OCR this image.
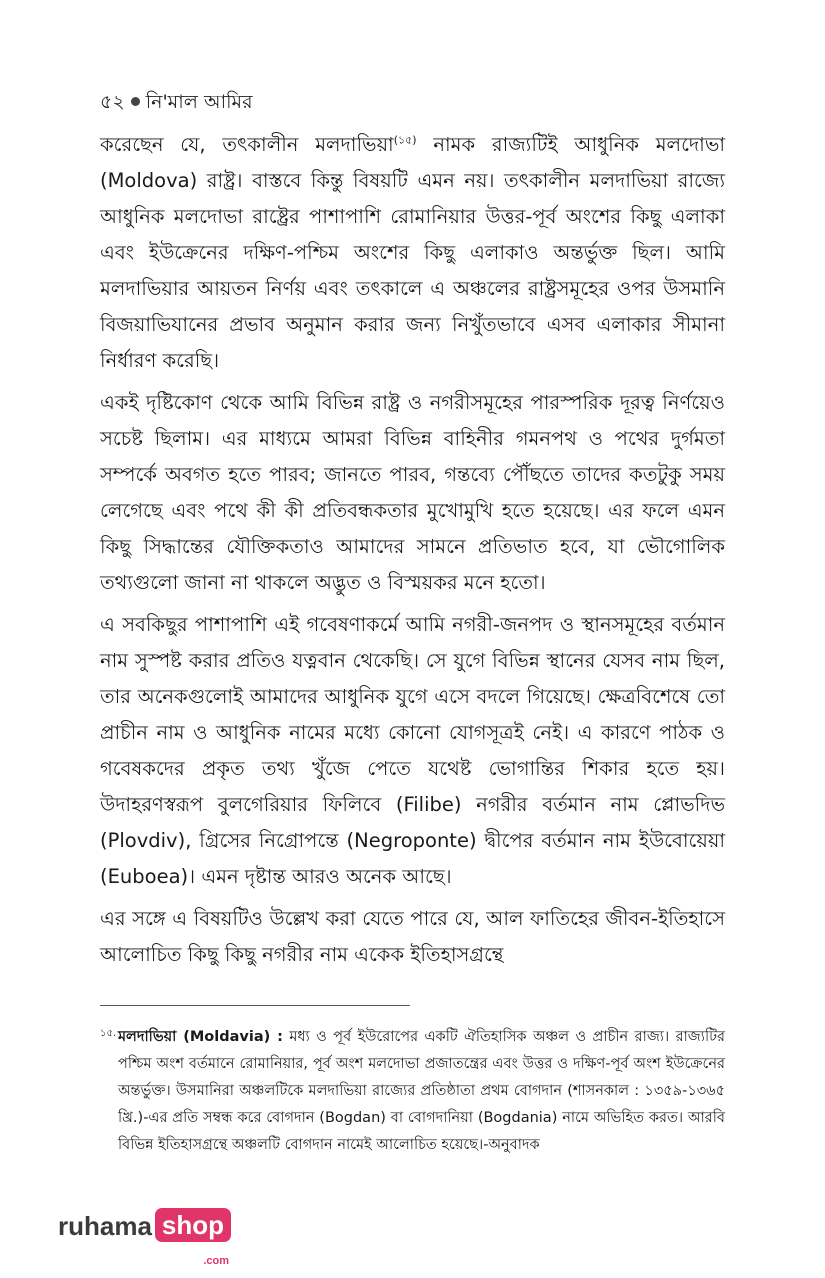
৫২ নি'মাল আমির

করেছেন যে, তৎকালীন মলদাভিয়া$^{(১৫)}$ নামক রাজ্যটিই আধুনিক মলদোভা (Moldova) রাষ্ট্র। বাস্তবে কিন্তু বিষয়টি এমন নয়। তৎকালীন মলদাভিয়া রাজ্যে আধুনিক মলদোভা রাষ্ট্রের পাশাপাশি রোমানিয়ার উত্তর-পূর্ব অংশের কিছু এলাকা এবং ইউক্রেনের দক্ষিণ-পশ্চিম অংশের কিছু এলাকাও অন্তর্ভুক্ত ছিল। আমি মলদাভিয়ার আয়তন নির্ণয় এবং তৎকালে এ অঞ্চলের রাষ্ট্রসমূহের ওপর উসমানি বিজয়াভিযানের প্রভাব অনুমান করার জন্য নিখুঁতভাবে এসব এলাকার সীমানা নির্ধারণ করেছি।

একই দৃষ্টিকোণ থেকে আমি বিভিন্ন রাষ্ট্র ও নগরীসমূহের পারস্পরিক দূরত্ব নির্ণয়েও সচেষ্ট ছিলাম। এর মাধ্যমে আমরা বিভিন্ন বাহিনীর গমনপথ ও পথের দুর্গমতা সম্পর্কে অবগত হতে পারব; জানতে পারব, গন্তব্যে পৌঁছতে তাদের কতটুকু সময় লেগেছে এবং পথে কী কী প্রতিবন্ধকতার মুখোমুখি হতে হয়েছে। এর ফলে এমন কিছু সিদ্ধান্তের যৌক্তিকতাও আমাদের সামনে প্রতিভাত হবে, যা ভৌগোলিক তথ্যগুলো জানা না থাকলে অদ্ভুত ও বিস্ময়কর মনে হতো।

এ সবকিছুর পাশাপাশি এই গবেষণাকর্মে আমি নগরী-জনপদ ও স্থানসমূহের বর্তমান নাম সুস্পষ্ট করার প্রতিও যত্নবান থেকেছি। সে যুগে বিভিন্ন স্থানের যেসব নাম ছিল, তার অনেকগুলোই আমাদের আধুনিক যুগে এসে বদলে গিয়েছে। ক্ষেত্রবিশেষে তো প্রাচীন নাম ও আধুনিক নামের মধ্যে কোনো যোগসূত্রই নেই। এ কারণে পাঠক ও গবেষকদের প্রকৃত তথ্য খুঁজে পেতে যথেষ্ট ভোগান্তির শিকার হতে হয়। উদাহরণস্বরূপ বুলগেরিয়ার ফিলিবে (Filibe) নগরীর বর্তমান নাম প্লোভদিভ (Plovdiv), গ্রিসের নিগ্রোপন্তে (Negroponte) দ্বীপের বর্তমান নাম ইউবোয়েয়া (Euboea)। এমন দৃষ্টান্ত আরও অনেক আছে।

এর সঙ্গে এ বিষয়টিও উল্লেখ করা যেতে পারে যে, আল ফাতিহের জীবন-ইতিহাসে আলোচিত কিছু কিছু নগরীর নাম একেক ইতিহাসগ্রন্থে

১৫. মলদাভিয়া (Moldavia) : মধ্য ও পূর্ব ইউরোপের একটি ঐতিহাসিক অঞ্চল ও প্রাচীন রাজ্য। রাজ্যটির পশ্চিম অংশ বর্তমানে রোমানিয়ার, পূর্ব অংশ মলদোভা প্রজাতন্ত্রের এবং উত্তর ও দক্ষিণ-পূর্ব অংশ ইউক্রেনের অন্তর্ভুক্ত। উসমানিরা অঞ্চলটিকে মলদাভিয়া রাজ্যের প্রতিষ্ঠাতা প্রথম বোগদান (শাসনকাল : ১৩৫৯-১৩৬৫ খ্রি.)-এর প্রতি সম্বন্ধ করে বোগদান (Bogdan) বা বোগদানিয়া (Bogdania) নামে অভিহিত করত। আরবি বিভিন্ন ইতিহাসগ্রন্থে অঞ্চলটি বোগদান নামেই আলোচিত হয়েছে।-অনুবাদক
ruhama shop
.com
